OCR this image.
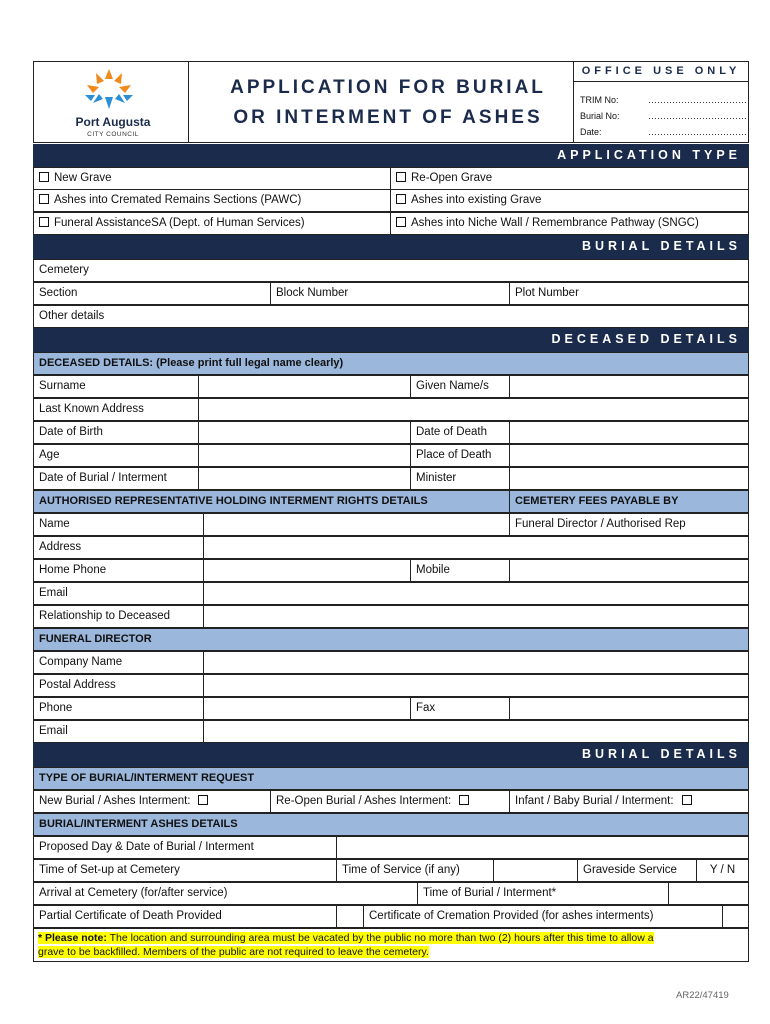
Port Augusta
CITY COUNCIL
APPLICATION FOR BURIAL
OR INTERMENT OF ASHES
OFFICE USE ONLY
TRIM No:	……………………………
Burial No:	……………………………
Date:	……………………………
APPLICATION TYPE
New Grave	Re-Open Grave
Ashes into Cremated Remains Sections (PAWC)	Ashes into existing Grave
Funeral AssistanceSA (Dept. of Human Services)	Ashes into Niche Wall / Remembrance Pathway (SNGC)
BURIAL DETAILS
Cemetery
Section	Block Number	Plot Number
Other details
DECEASED DETAILS
DECEASED DETAILS: (Please print full legal name clearly)
Surname	Given Name/s
Last Known Address
Date of Birth	Date of Death
Age	Place of Death
Date of Burial / Interment	Minister
AUTHORISED REPRESENTATIVE HOLDING INTERMENT RIGHTS DETAILS	CEMETERY FEES PAYABLE BY
Name	Funeral Director / Authorised Rep
Address
Home Phone	Mobile
Email
Relationship to Deceased
FUNERAL DIRECTOR
Company Name
Postal Address
Phone	Fax
Email
BURIAL DETAILS
TYPE OF BURIAL/INTERMENT REQUEST
New Burial / Ashes Interment:	Re-Open Burial / Ashes Interment:	Infant / Baby Burial / Interment:
BURIAL/INTERMENT ASHES DETAILS
Proposed Day & Date of Burial / Interment
Time of Set-up at Cemetery	Time of Service (if any)	Graveside Service	Y / N
Arrival at Cemetery (for/after service)	Time of Burial / Interment*
Partial Certificate of Death Provided	Certificate of Cremation Provided (for ashes interments)
* Please note: The location and surrounding area must be vacated by the public no more than two (2) hours after this time to allow a
grave to be backfilled. Members of the public are not required to leave the cemetery.
AR22/47419
